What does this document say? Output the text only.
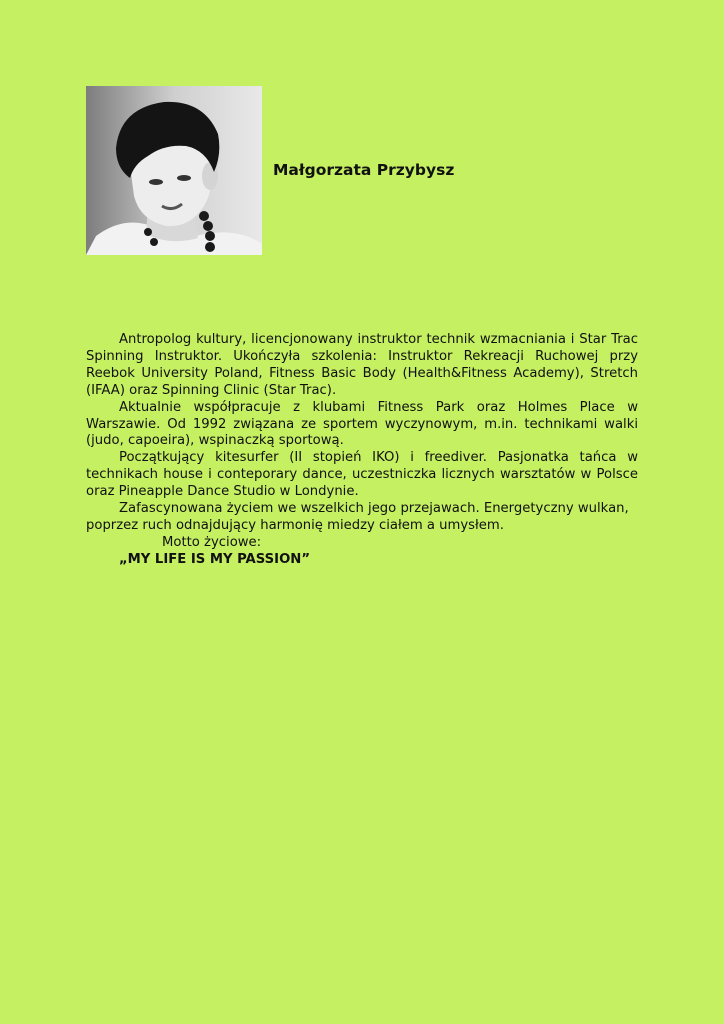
Małgorzata Przybysz

Antropolog kultury, licencjonowany instruktor technik wzmacniania i Star Trac Spinning Instruktor. Ukończyła szkolenia: Instruktor Rekreacji Ruchowej przy Reebok University Poland, Fitness Basic Body (Health&Fitness Academy), Stretch (IFAA) oraz Spinning Clinic (Star Trac).

Aktualnie współpracuje z klubami Fitness Park oraz Holmes Place w Warszawie. Od 1992 związana ze sportem wyczynowym, m.in. technikami walki (judo, capoeira), wspinaczką sportową.

Początkujący kitesurfer (II stopień IKO) i freediver. Pasjonatka tańca w technikach house i conteporary dance, uczestniczka licznych warsztatów w Polsce oraz Pineapple Dance Studio w Londynie.

Zafascynowana życiem we wszelkich jego przejawach. Energetyczny wulkan, poprzez ruch odnajdujący harmonię miedzy ciałem a umysłem.

Motto życiowe:

„MY LIFE IS MY PASSION”
